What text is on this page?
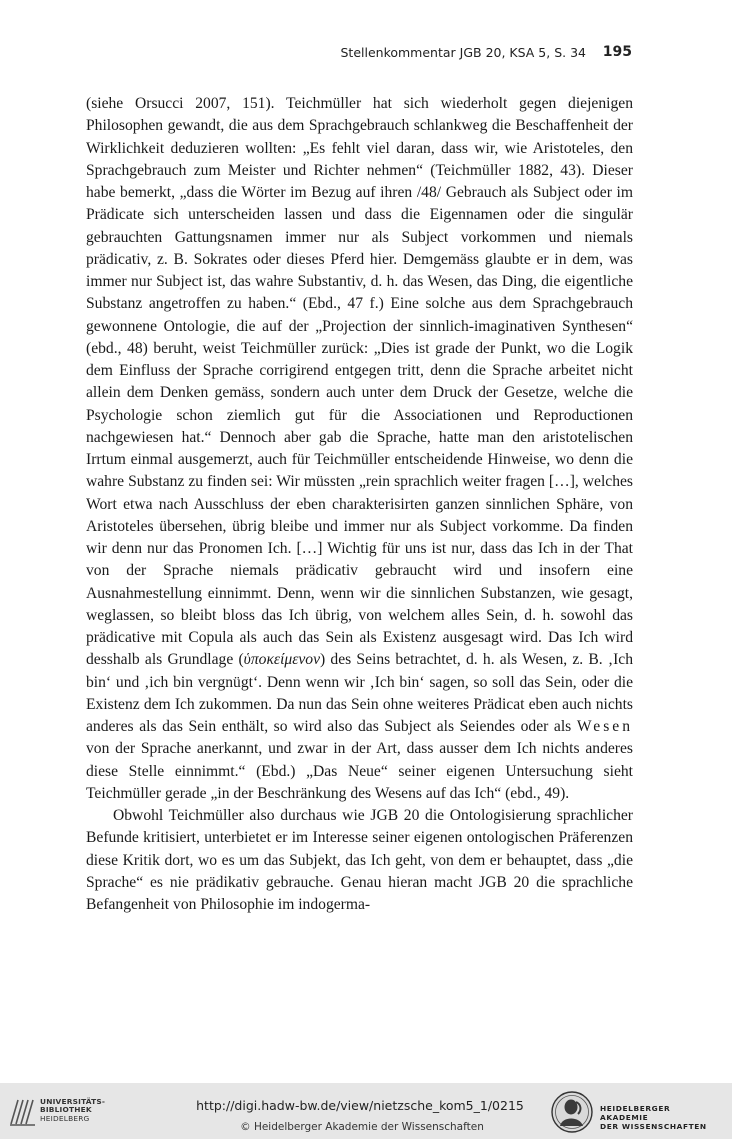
Stellenkommentar JGB 20, KSA 5, S. 34 195

(siehe Orsucci 2007, 151). Teichmüller hat sich wiederholt gegen diejenigen Philosophen gewandt, die aus dem Sprachgebrauch schlankweg die Beschaffenheit der Wirklichkeit deduzieren wollten: „Es fehlt viel daran, dass wir, wie Aristoteles, den Sprachgebrauch zum Meister und Richter nehmen“ (Teichmüller 1882, 43). Dieser habe bemerkt, „dass die Wörter im Bezug auf ihren /48/ Gebrauch als Subject oder im Prädicate sich unterscheiden lassen und dass die Eigennamen oder die singulär gebrauchten Gattungsnamen immer nur als Subject vorkommen und niemals prädicativ, z. B. Sokrates oder dieses Pferd hier. Demgemäss glaubte er in dem, was immer nur Subject ist, das wahre Substantiv, d. h. das Wesen, das Ding, die eigentliche Substanz angetroffen zu haben.“ (Ebd., 47 f.) Eine solche aus dem Sprachgebrauch gewonnene Ontologie, die auf der „Projection der sinnlich-imaginativen Synthesen“ (ebd., 48) beruht, weist Teichmüller zurück: „Dies ist grade der Punkt, wo die Logik dem Einfluss der Sprache corrigirend entgegen tritt, denn die Sprache arbeitet nicht allein dem Denken gemäss, sondern auch unter dem Druck der Gesetze, welche die Psychologie schon ziemlich gut für die Associationen und Reproductionen nachgewiesen hat.“ Dennoch aber gab die Sprache, hatte man den aristotelischen Irrtum einmal ausgemerzt, auch für Teichmüller entscheidende Hinweise, wo denn die wahre Substanz zu finden sei: Wir müssten „rein sprachlich weiter fragen […], welches Wort etwa nach Ausschluss der eben charakterisirten ganzen sinnlichen Sphäre, von Aristoteles übersehen, übrig bleibe und immer nur als Subject vorkomme. Da finden wir denn nur das Pronomen Ich. […] Wichtig für uns ist nur, dass das Ich in der That von der Sprache niemals prädicativ gebraucht wird und insofern eine Ausnahmestellung einnimmt. Denn, wenn wir die sinnlichen Substanzen, wie gesagt, weglassen, so bleibt bloss das Ich übrig, von welchem alles Sein, d. h. sowohl das prädicative mit Copula als auch das Sein als Existenz ausgesagt wird. Das Ich wird desshalb als Grundlage (ὑποκείμενον) des Seins betrachtet, d. h. als Wesen, z. B. ‚Ich bin‘ und ‚ich bin vergnügt‘. Denn wenn wir ‚Ich bin‘ sagen, so soll das Sein, oder die Existenz dem Ich zukommen. Da nun das Sein ohne weiteres Prädicat eben auch nichts anderes als das Sein enthält, so wird also das Subject als Seiendes oder als Wesen von der Sprache anerkannt, und zwar in der Art, dass ausser dem Ich nichts anderes diese Stelle einnimmt.“ (Ebd.) „Das Neue“ seiner eigenen Untersuchung sieht Teichmüller gerade „in der Beschränkung des Wesens auf das Ich“ (ebd., 49).

Obwohl Teichmüller also durchaus wie JGB 20 die Ontologisierung sprachlicher Befunde kritisiert, unterbietet er im Interesse seiner eigenen ontologischen Präferenzen diese Kritik dort, wo es um das Subjekt, das Ich geht, von dem er behauptet, dass „die Sprache“ es nie prädikativ gebrauche. Genau hieran macht JGB 20 die sprachliche Befangenheit von Philosophie im indogerma-

UNIVERSITÄTS-
BIBLIOTHEK
HEIDELBERG
http://digi.hadw-bw.de/view/nietzsche_kom5_1/0215
© Heidelberger Akademie der Wissenschaften
HEIDELBERGER AKADEMIE
DER WISSENSCHAFTEN
